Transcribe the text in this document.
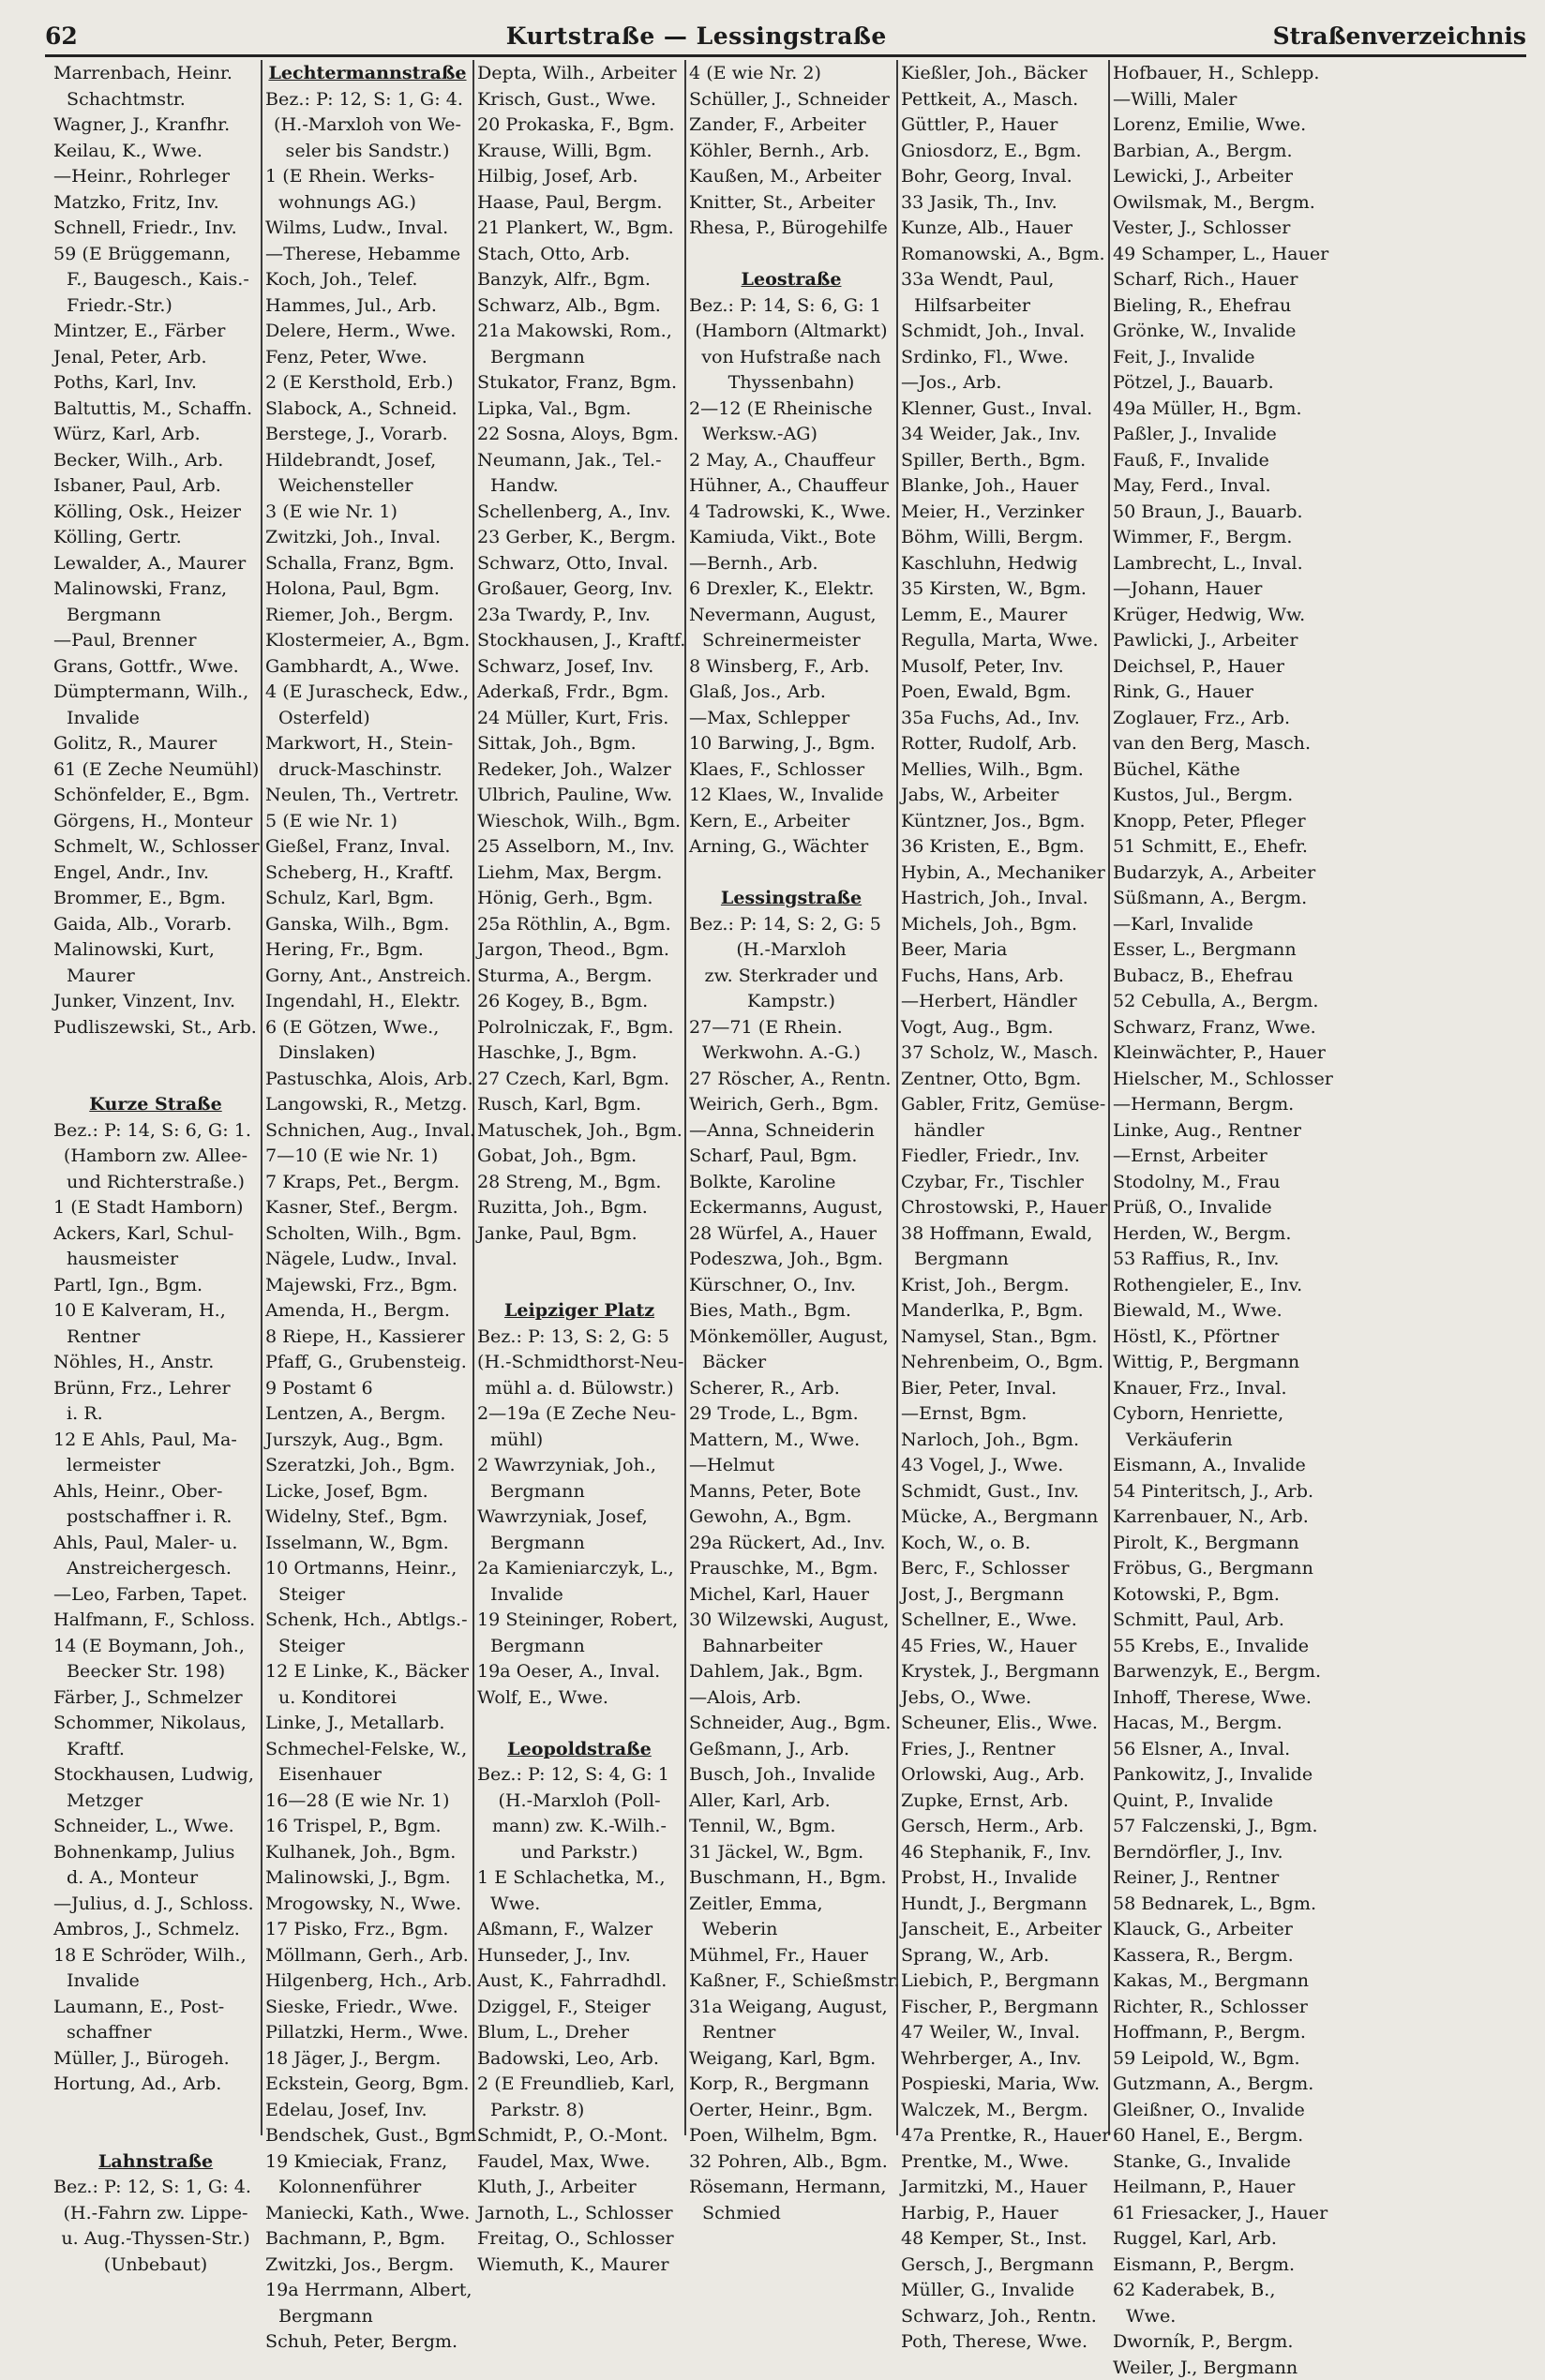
62	Kurtstraße — Lessingstraße	Straßenverzeichnis

Marrenbach, Heinr.

Schachtmstr.

Wagner, J., Kranfhr.

Keilau, K., Wwe.

—Heinr., Rohrleger

Matzko, Fritz, Inv.

Schnell, Friedr., Inv.

59 (E Brüggemann,

F., Baugesch., Kais.-

Friedr.-Str.)

Mintzer, E., Färber

Jenal, Peter, Arb.

Poths, Karl, Inv.

Baltuttis, M., Schaffn.

Würz, Karl, Arb.

Becker, Wilh., Arb.

Isbaner, Paul, Arb.

Kölling, Osk., Heizer

Kölling, Gertr.

Lewalder, A., Maurer

Malinowski, Franz,

Bergmann

—Paul, Brenner

Grans, Gottfr., Wwe.

Dümptermann, Wilh.,

Invalide

Golitz, R., Maurer

61 (E Zeche Neumühl)

Schönfelder, E., Bgm.

Görgens, H., Monteur

Schmelt, W., Schlosser

Engel, Andr., Inv.

Brommer, E., Bgm.

Gaida, Alb., Vorarb.

Malinowski, Kurt,

Maurer

Junker, Vinzent, Inv.

Pudliszewski, St., Arb.

Kurze Straße

Bez.: P: 14, S: 6, G: 1.

(Hamborn zw. Allee-

und Richterstraße.)

1 (E Stadt Hamborn)

Ackers, Karl, Schul-

hausmeister

Partl, Ign., Bgm.

10 E Kalveram, H.,

Rentner

Nöhles, H., Anstr.

Brünn, Frz., Lehrer

i. R.

12 E Ahls, Paul, Ma-

lermeister

Ahls, Heinr., Ober-

postschaffner i. R.

Ahls, Paul, Maler- u.

Anstreichergesch.

—Leo, Farben, Tapet.

Halfmann, F., Schloss.

14 (E Boymann, Joh.,

Beecker Str. 198)

Färber, J., Schmelzer

Schommer, Nikolaus,

Kraftf.

Stockhausen, Ludwig,

Metzger

Schneider, L., Wwe.

Bohnenkamp, Julius

d. A., Monteur

—Julius, d. J., Schloss.

Ambros, J., Schmelz.

18 E Schröder, Wilh.,

Invalide

Laumann, E., Post-

schaffner

Müller, J., Bürogeh.

Hortung, Ad., Arb.

Lahnstraße

Bez.: P: 12, S: 1, G: 4.

(H.-Fahrn zw. Lippe-

u. Aug.-Thyssen-Str.)

(Unbebaut)

Lechtermannstraße

Bez.: P: 12, S: 1, G: 4.

(H.-Marxloh von We-

seler bis Sandstr.)

1 (E Rhein. Werks-

wohnungs AG.)

Wilms, Ludw., Inval.

—Therese, Hebamme

Koch, Joh., Telef.

Hammes, Jul., Arb.

Delere, Herm., Wwe.

Fenz, Peter, Wwe.

2 (E Kersthold, Erb.)

Slabock, A., Schneid.

Berstege, J., Vorarb.

Hildebrandt, Josef,

Weichensteller

3 (E wie Nr. 1)

Zwitzki, Joh., Inval.

Schalla, Franz, Bgm.

Holona, Paul, Bgm.

Riemer, Joh., Bergm.

Klostermeier, A., Bgm.

Gambhardt, A., Wwe.

4 (E Jurascheck, Edw.,

Osterfeld)

Markwort, H., Stein-

druck-Maschinstr.

Neulen, Th., Vertretr.

5 (E wie Nr. 1)

Gießel, Franz, Inval.

Scheberg, H., Kraftf.

Schulz, Karl, Bgm.

Ganska, Wilh., Bgm.

Hering, Fr., Bgm.

Gorny, Ant., Anstreich.

Ingendahl, H., Elektr.

6 (E Götzen, Wwe.,

Dinslaken)

Pastuschka, Alois, Arb.

Langowski, R., Metzg.

Schnichen, Aug., Inval.

7—10 (E wie Nr. 1)

7 Kraps, Pet., Bergm.

Kasner, Stef., Bergm.

Scholten, Wilh., Bgm.

Nägele, Ludw., Inval.

Majewski, Frz., Bgm.

Amenda, H., Bergm.

8 Riepe, H., Kassierer

Pfaff, G., Grubensteig.

9 Postamt 6

Lentzen, A., Bergm.

Jurszyk, Aug., Bgm.

Szeratzki, Joh., Bgm.

Licke, Josef, Bgm.

Widelny, Stef., Bgm.

Isselmann, W., Bgm.

10 Ortmanns, Heinr.,

Steiger

Schenk, Hch., Abtlgs.-

Steiger

12 E Linke, K., Bäcker

u. Konditorei

Linke, J., Metallarb.

Schmechel-Felske, W.,

Eisenhauer

16—28 (E wie Nr. 1)

16 Trispel, P., Bgm.

Kulhanek, Joh., Bgm.

Malinowski, J., Bgm.

Mrogowsky, N., Wwe.

17 Pisko, Frz., Bgm.

Möllmann, Gerh., Arb.

Hilgenberg, Hch., Arb.

Sieske, Friedr., Wwe.

Pillatzki, Herm., Wwe.

18 Jäger, J., Bergm.

Eckstein, Georg, Bgm.

Edelau, Josef, Inv.

Bendschek, Gust., Bgm.

19 Kmieciak, Franz,

Kolonnenführer

Maniecki, Kath., Wwe.

Bachmann, P., Bgm.

Zwitzki, Jos., Bergm.

19a Herrmann, Albert,

Bergmann

Schuh, Peter, Bergm.

Depta, Wilh., Arbeiter

Krisch, Gust., Wwe.

20 Prokaska, F., Bgm.

Krause, Willi, Bgm.

Hilbig, Josef, Arb.

Haase, Paul, Bergm.

21 Plankert, W., Bgm.

Stach, Otto, Arb.

Banzyk, Alfr., Bgm.

Schwarz, Alb., Bgm.

21a Makowski, Rom.,

Bergmann

Stukator, Franz, Bgm.

Lipka, Val., Bgm.

22 Sosna, Aloys, Bgm.

Neumann, Jak., Tel.-

Handw.

Schellenberg, A., Inv.

23 Gerber, K., Bergm.

Schwarz, Otto, Inval.

Großauer, Georg, Inv.

23a Twardy, P., Inv.

Stockhausen, J., Kraftf.

Schwarz, Josef, Inv.

Aderkaß, Frdr., Bgm.

24 Müller, Kurt, Fris.

Sittak, Joh., Bgm.

Redeker, Joh., Walzer

Ulbrich, Pauline, Ww.

Wieschok, Wilh., Bgm.

25 Asselborn, M., Inv.

Liehm, Max, Bergm.

Hönig, Gerh., Bgm.

25a Röthlin, A., Bgm.

Jargon, Theod., Bgm.

Sturma, A., Bergm.

26 Kogey, B., Bgm.

Polrolniczak, F., Bgm.

Haschke, J., Bgm.

27 Czech, Karl, Bgm.

Rusch, Karl, Bgm.

Matuschek, Joh., Bgm.

Gobat, Joh., Bgm.

28 Streng, M., Bgm.

Ruzitta, Joh., Bgm.

Janke, Paul, Bgm.

Leipziger Platz

Bez.: P: 13, S: 2, G: 5

(H.-Schmidthorst-Neu-

mühl a. d. Bülowstr.)

2—19a (E Zeche Neu-

mühl)

2 Wawrzyniak, Joh.,

Bergmann

Wawrzyniak, Josef,

Bergmann

2a Kamieniarczyk, L.,

Invalide

19 Steininger, Robert,

Bergmann

19a Oeser, A., Inval.

Wolf, E., Wwe.

Leopoldstraße

Bez.: P: 12, S: 4, G: 1

(H.-Marxloh (Poll-

mann) zw. K.-Wilh.-

und Parkstr.)

1 E Schlachetka, M.,

Wwe.

Aßmann, F., Walzer

Hunseder, J., Inv.

Aust, K., Fahrradhdl.

Dziggel, F., Steiger

Blum, L., Dreher

Badowski, Leo, Arb.

2 (E Freundlieb, Karl,

Parkstr. 8)

Schmidt, P., O.-Mont.

Faudel, Max, Wwe.

Kluth, J., Arbeiter

Jarnoth, L., Schlosser

Freitag, O., Schlosser

Wiemuth, K., Maurer

4 (E wie Nr. 2)

Schüller, J., Schneider

Zander, F., Arbeiter

Köhler, Bernh., Arb.

Kaußen, M., Arbeiter

Knitter, St., Arbeiter

Rhesa, P., Bürogehilfe

Leostraße

Bez.: P: 14, S: 6, G: 1

(Hamborn (Altmarkt)

von Hufstraße nach

Thyssenbahn)

2—12 (E Rheinische

Werksw.-AG)

2 May, A., Chauffeur

Hühner, A., Chauffeur

4 Tadrowski, K., Wwe.

Kamiuda, Vikt., Bote

—Bernh., Arb.

6 Drexler, K., Elektr.

Nevermann, August,

Schreinermeister

8 Winsberg, F., Arb.

Glaß, Jos., Arb.

—Max, Schlepper

10 Barwing, J., Bgm.

Klaes, F., Schlosser

12 Klaes, W., Invalide

Kern, E., Arbeiter

Arning, G., Wächter

Lessingstraße

Bez.: P: 14, S: 2, G: 5

(H.-Marxloh

zw. Sterkrader und

Kampstr.)

27—71 (E Rhein.

Werkwohn. A.-G.)

27 Röscher, A., Rentn.

Weirich, Gerh., Bgm.

—Anna, Schneiderin

Scharf, Paul, Bgm.

Bolkte, Karoline

Eckermanns, August,

28 Würfel, A., Hauer

Podeszwa, Joh., Bgm.

Kürschner, O., Inv.

Bies, Math., Bgm.

Mönkemöller, August,

Bäcker

Scherer, R., Arb.

29 Trode, L., Bgm.

Mattern, M., Wwe.

—Helmut

Manns, Peter, Bote

Gewohn, A., Bgm.

29a Rückert, Ad., Inv.

Prauschke, M., Bgm.

Michel, Karl, Hauer

30 Wilzewski, August,

Bahnarbeiter

Dahlem, Jak., Bgm.

—Alois, Arb.

Schneider, Aug., Bgm.

Geßmann, J., Arb.

Busch, Joh., Invalide

Aller, Karl, Arb.

Tennil, W., Bgm.

31 Jäckel, W., Bgm.

Buschmann, H., Bgm.

Zeitler, Emma,

Weberin

Mühmel, Fr., Hauer

Kaßner, F., Schießmstr.

31a Weigang, August,

Rentner

Weigang, Karl, Bgm.

Korp, R., Bergmann

Oerter, Heinr., Bgm.

Poen, Wilhelm, Bgm.

32 Pohren, Alb., Bgm.

Rösemann, Hermann,

Schmied

Kießler, Joh., Bäcker

Pettkeit, A., Masch.

Güttler, P., Hauer

Gniosdorz, E., Bgm.

Bohr, Georg, Inval.

33 Jasik, Th., Inv.

Kunze, Alb., Hauer

Romanowski, A., Bgm.

33a Wendt, Paul,

Hilfsarbeiter

Schmidt, Joh., Inval.

Srdinko, Fl., Wwe.

—Jos., Arb.

Klenner, Gust., Inval.

34 Weider, Jak., Inv.

Spiller, Berth., Bgm.

Blanke, Joh., Hauer

Meier, H., Verzinker

Böhm, Willi, Bergm.

Kaschluhn, Hedwig

35 Kirsten, W., Bgm.

Lemm, E., Maurer

Regulla, Marta, Wwe.

Musolf, Peter, Inv.

Poen, Ewald, Bgm.

35a Fuchs, Ad., Inv.

Rotter, Rudolf, Arb.

Mellies, Wilh., Bgm.

Jabs, W., Arbeiter

Küntzner, Jos., Bgm.

36 Kristen, E., Bgm.

Hybin, A., Mechaniker

Hastrich, Joh., Inval.

Michels, Joh., Bgm.

Beer, Maria

Fuchs, Hans, Arb.

—Herbert, Händler

Vogt, Aug., Bgm.

37 Scholz, W., Masch.

Zentner, Otto, Bgm.

Gabler, Fritz, Gemüse-

händler

Fiedler, Friedr., Inv.

Czybar, Fr., Tischler

Chrostowski, P., Hauer

38 Hoffmann, Ewald,

Bergmann

Krist, Joh., Bergm.

Manderlka, P., Bgm.

Namysel, Stan., Bgm.

Nehrenbeim, O., Bgm.

Bier, Peter, Inval.

—Ernst, Bgm.

Narloch, Joh., Bgm.

43 Vogel, J., Wwe.

Schmidt, Gust., Inv.

Mücke, A., Bergmann

Koch, W., o. B.

Berc, F., Schlosser

Jost, J., Bergmann

Schellner, E., Wwe.

45 Fries, W., Hauer

Krystek, J., Bergmann

Jebs, O., Wwe.

Scheuner, Elis., Wwe.

Fries, J., Rentner

Orlowski, Aug., Arb.

Zupke, Ernst, Arb.

Gersch, Herm., Arb.

46 Stephanik, F., Inv.

Probst, H., Invalide

Hundt, J., Bergmann

Janscheit, E., Arbeiter

Sprang, W., Arb.

Liebich, P., Bergmann

Fischer, P., Bergmann

47 Weiler, W., Inval.

Wehrberger, A., Inv.

Pospieski, Maria, Ww.

Walczek, M., Bergm.

47a Prentke, R., Hauer

Prentke, M., Wwe.

Jarmitzki, M., Hauer

Harbig, P., Hauer

48 Kemper, St., Inst.

Gersch, J., Bergmann

Müller, G., Invalide

Schwarz, Joh., Rentn.

Poth, Therese, Wwe.

Hofbauer, H., Schlepp.

—Willi, Maler

Lorenz, Emilie, Wwe.

Barbian, A., Bergm.

Lewicki, J., Arbeiter

Owilsmak, M., Bergm.

Vester, J., Schlosser

49 Schamper, L., Hauer

Scharf, Rich., Hauer

Bieling, R., Ehefrau

Grönke, W., Invalide

Feit, J., Invalide

Pötzel, J., Bauarb.

49a Müller, H., Bgm.

Paßler, J., Invalide

Fauß, F., Invalide

May, Ferd., Inval.

50 Braun, J., Bauarb.

Wimmer, F., Bergm.

Lambrecht, L., Inval.

—Johann, Hauer

Krüger, Hedwig, Ww.

Pawlicki, J., Arbeiter

Deichsel, P., Hauer

Rink, G., Hauer

Zoglauer, Frz., Arb.

van den Berg, Masch.

Büchel, Käthe

Kustos, Jul., Bergm.

Knopp, Peter, Pfleger

51 Schmitt, E., Ehefr.

Budarzyk, A., Arbeiter

Süßmann, A., Bergm.

—Karl, Invalide

Esser, L., Bergmann

Bubacz, B., Ehefrau

52 Cebulla, A., Bergm.

Schwarz, Franz, Wwe.

Kleinwächter, P., Hauer

Hielscher, M., Schlosser

—Hermann, Bergm.

Linke, Aug., Rentner

—Ernst, Arbeiter

Stodolny, M., Frau

Prüß, O., Invalide

Herden, W., Bergm.

53 Raffius, R., Inv.

Rothengieler, E., Inv.

Biewald, M., Wwe.

Höstl, K., Pförtner

Wittig, P., Bergmann

Knauer, Frz., Inval.

Cyborn, Henriette,

Verkäuferin

Eismann, A., Invalide

54 Pinteritsch, J., Arb.

Karrenbauer, N., Arb.

Pirolt, K., Bergmann

Fröbus, G., Bergmann

Kotowski, P., Bgm.

Schmitt, Paul, Arb.

55 Krebs, E., Invalide

Barwenzyk, E., Bergm.

Inhoff, Therese, Wwe.

Hacas, M., Bergm.

56 Elsner, A., Inval.

Pankowitz, J., Invalide

Quint, P., Invalide

57 Falczenski, J., Bgm.

Berndörfler, J., Inv.

Reiner, J., Rentner

58 Bednarek, L., Bgm.

Klauck, G., Arbeiter

Kassera, R., Bergm.

Kakas, M., Bergmann

Richter, R., Schlosser

Hoffmann, P., Bergm.

59 Leipold, W., Bgm.

Gutzmann, A., Bergm.

Gleißner, O., Invalide

60 Hanel, E., Bergm.

Stanke, G., Invalide

Heilmann, P., Hauer

61 Friesacker, J., Hauer

Ruggel, Karl, Arb.

Eismann, P., Bergm.

62 Kaderabek, B.,

Wwe.

Dworník, P., Bergm.

Weiler, J., Bergmann
